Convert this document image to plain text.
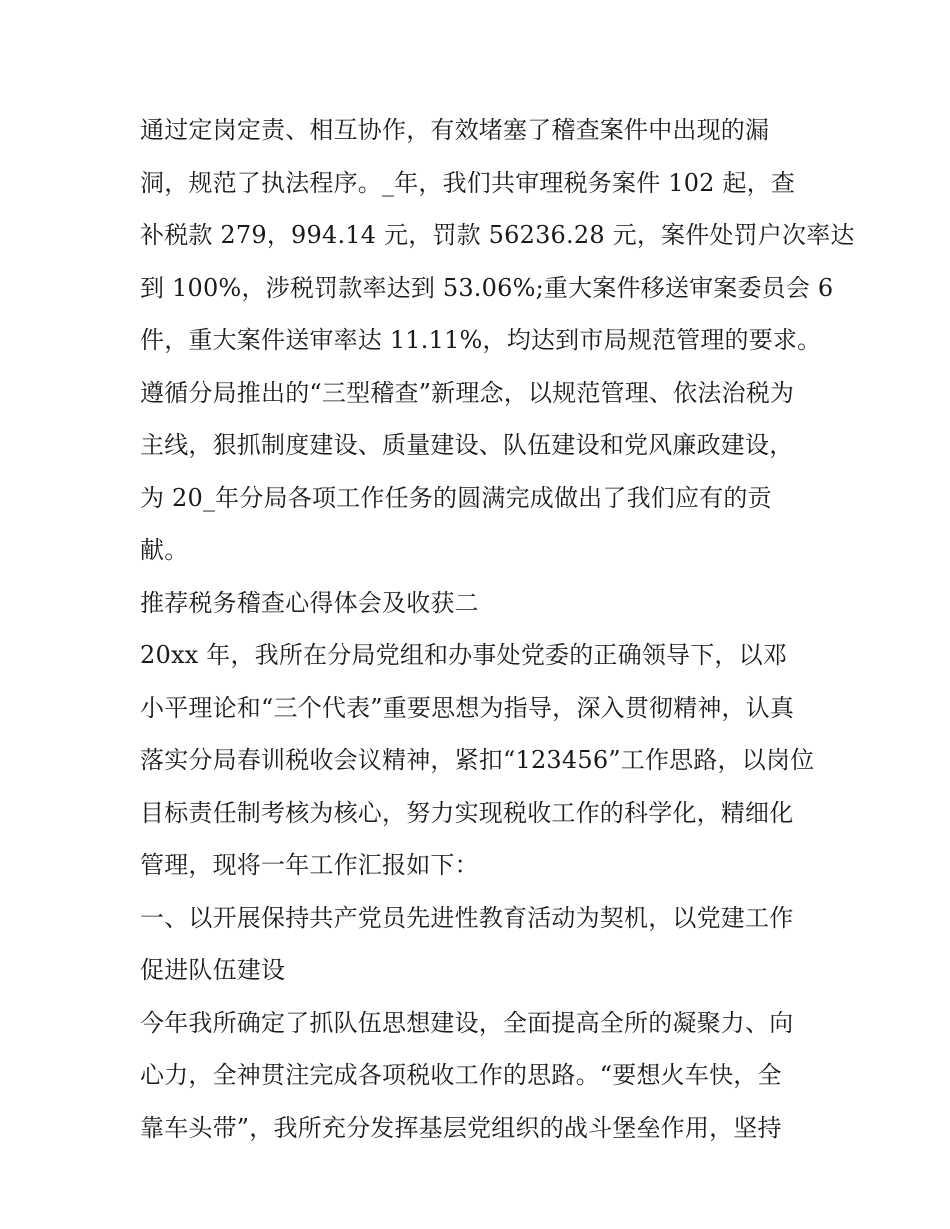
通过定岗定责、相互协作，有效堵塞了稽查案件中出现的漏
洞，规范了执法程序。_年，我们共审理税务案件 102 起，查
补税款 279，994.14 元，罚款 56236.28 元，案件处罚户次率达
到 100%，涉税罚款率达到 53.06%;重大案件移送审案委员会 6
件，重大案件送审率达 11.11%，均达到市局规范管理的要求。
遵循分局推出的“三型稽查”新理念，以规范管理、依法治税为
主线，狠抓制度建设、质量建设、队伍建设和党风廉政建设，
为 20_年分局各项工作任务的圆满完成做出了我们应有的贡
献。
推荐税务稽查心得体会及收获二
20xx 年，我所在分局党组和办事处党委的正确领导下，以邓
小平理论和“三个代表”重要思想为指导，深入贯彻精神，认真
落实分局春训税收会议精神，紧扣“123456”工作思路，以岗位
目标责任制考核为核心，努力实现税收工作的科学化，精细化
管理，现将一年工作汇报如下：
一、以开展保持共产党员先进性教育活动为契机，以党建工作
促进队伍建设
今年我所确定了抓队伍思想建设，全面提高全所的凝聚力、向
心力，全神贯注完成各项税收工作的思路。“要想火车快，全
靠车头带”，我所充分发挥基层党组织的战斗堡垒作用，坚持
